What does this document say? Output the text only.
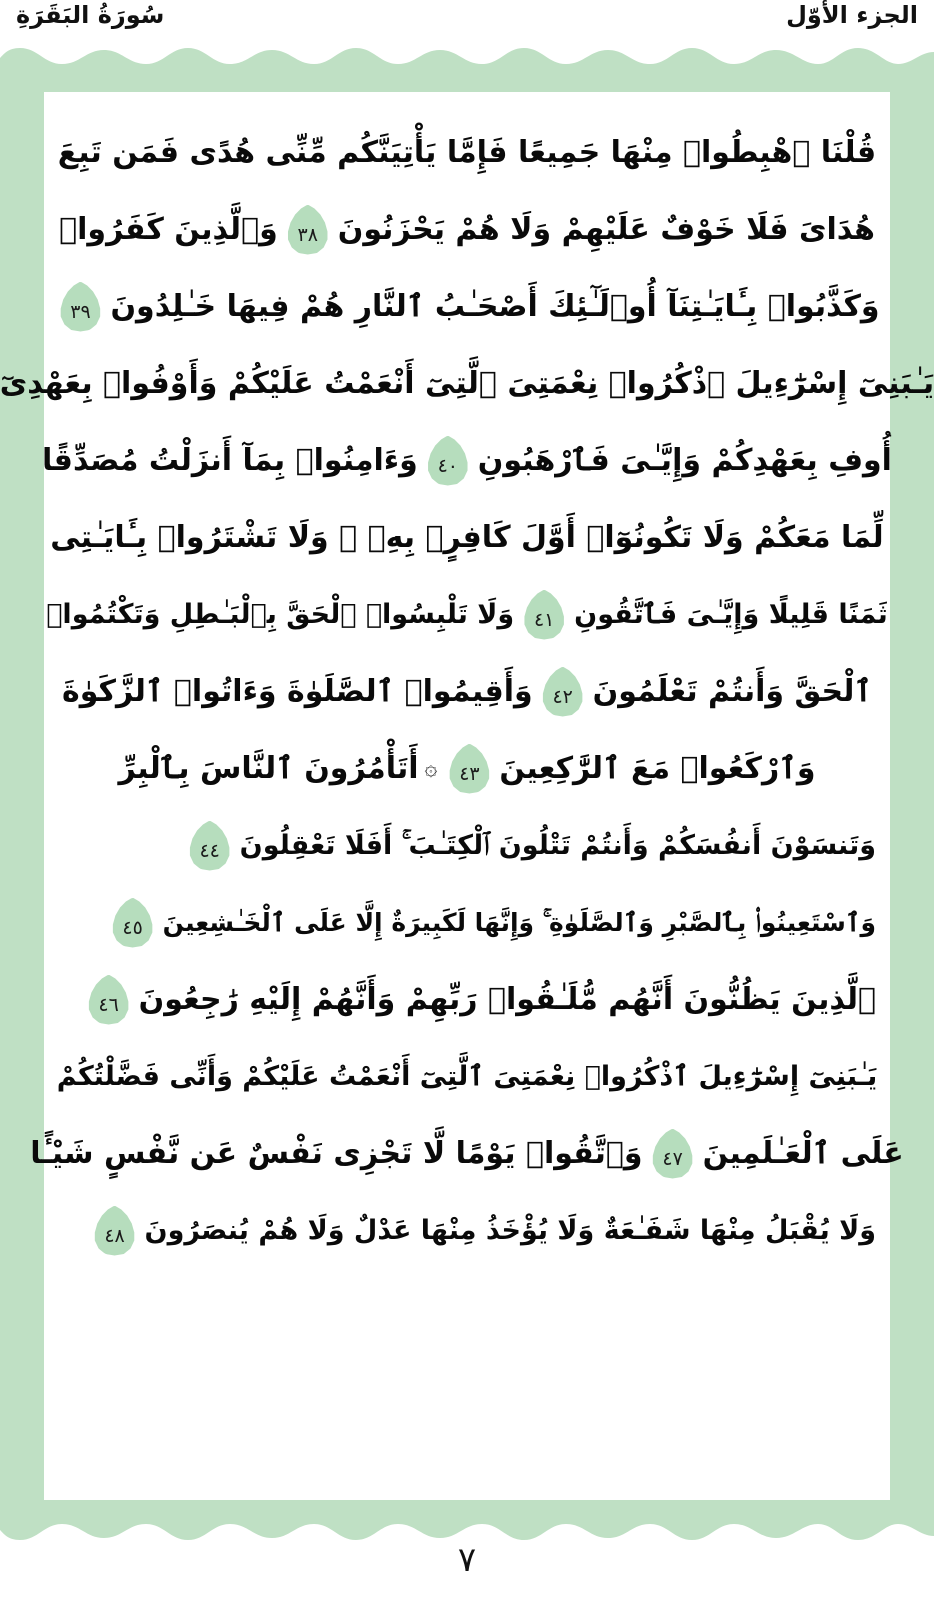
سُورَةُ البَقَرَةِ	الجزء الأوّل
قُلْنَا ٱهْبِطُوا۟ مِنْهَا جَمِيعًا فَإِمَّا يَأْتِيَنَّكُم مِّنِّى هُدًى فَمَن تَبِعَ
هُدَاىَ فَلَا خَوْفٌ عَلَيْهِمْ وَلَا هُمْ يَحْزَنُونَ
٣٨
وَٱلَّذِينَ كَفَرُوا۟
وَكَذَّبُوا۟ بِـَٔايَـٰتِنَآ أُو۟لَـٰٓئِكَ أَصْحَـٰبُ ٱلنَّارِ هُمْ فِيهَا خَـٰلِدُونَ
٣٩
يَـٰبَنِىٓ إِسْرَٰٓءِيلَ ٱذْكُرُوا۟ نِعْمَتِىَ ٱلَّتِىٓ أَنْعَمْتُ عَلَيْكُمْ وَأَوْفُوا۟ بِعَهْدِىٓ
أُوفِ بِعَهْدِكُمْ وَإِيَّـٰىَ فَٱرْهَبُونِ
٤٠
وَءَامِنُوا۟ بِمَآ أَنزَلْتُ مُصَدِّقًا
لِّمَا مَعَكُمْ وَلَا تَكُونُوٓا۟ أَوَّلَ كَافِرٍۭ بِهِۦ ۖ وَلَا تَشْتَرُوا۟ بِـَٔايَـٰتِى
ثَمَنًا قَلِيلًا وَإِيَّـٰىَ فَٱتَّقُونِ
٤١
وَلَا تَلْبِسُوا۟ ٱلْحَقَّ بِٱلْبَـٰطِلِ وَتَكْتُمُوا۟
ٱلْحَقَّ وَأَنتُمْ تَعْلَمُونَ
٤٢
وَأَقِيمُوا۟ ٱلصَّلَوٰةَ وَءَاتُوا۟ ٱلزَّكَوٰةَ
وَٱرْكَعُوا۟ مَعَ ٱلرَّٰكِعِينَ
٤٣
۞
أَتَأْمُرُونَ ٱلنَّاسَ بِٱلْبِرِّ
وَتَنسَوْنَ أَنفُسَكُمْ وَأَنتُمْ تَتْلُونَ ٱلْكِتَـٰبَ ۚ أَفَلَا تَعْقِلُونَ
٤٤
وَٱسْتَعِينُوا۟ بِٱلصَّبْرِ وَٱلصَّلَوٰةِ ۚ وَإِنَّهَا لَكَبِيرَةٌ إِلَّا عَلَى ٱلْخَـٰشِعِينَ
٤٥
ٱلَّذِينَ يَظُنُّونَ أَنَّهُم مُّلَـٰقُوا۟ رَبِّهِمْ وَأَنَّهُمْ إِلَيْهِ رَٰجِعُونَ
٤٦
يَـٰبَنِىٓ إِسْرَٰٓءِيلَ ٱذْكُرُوا۟ نِعْمَتِىَ ٱلَّتِىٓ أَنْعَمْتُ عَلَيْكُمْ وَأَنِّى فَضَّلْتُكُمْ
عَلَى ٱلْعَـٰلَمِينَ
٤٧
وَٱتَّقُوا۟ يَوْمًا لَّا تَجْزِى نَفْسٌ عَن نَّفْسٍ شَيْـًٔا
وَلَا يُقْبَلُ مِنْهَا شَفَـٰعَةٌ وَلَا يُؤْخَذُ مِنْهَا عَدْلٌ وَلَا هُمْ يُنصَرُونَ
٤٨
٧
